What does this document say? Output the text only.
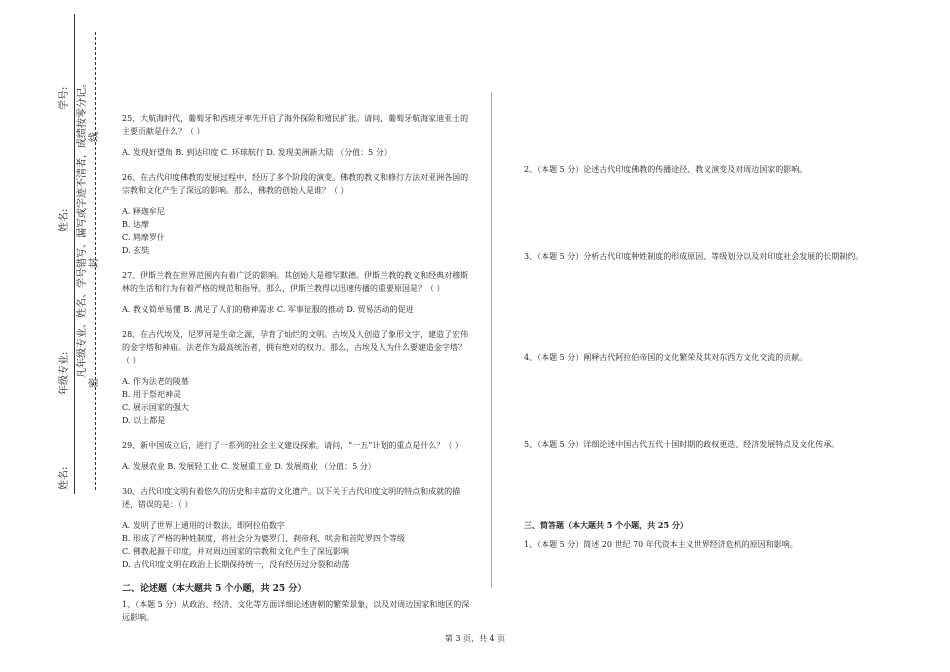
学号:
姓名: 凡年级专业、姓名、学号错写、漏写或字迹不清者，成绩按零分记。
年级专业:
姓名:
密
封
线

25、大航海时代，葡萄牙和西班牙率先开启了海外探险和殖民扩张。请问，葡萄牙航海家迪亚士的主要贡献是什么？（ ）

A. 发现好望角 B. 到达印度 C. 环球航行 D. 发现美洲新大陆 （分值：5 分）

26、在古代印度佛教的发展过程中，经历了多个阶段的演变。佛教的教义和修行方法对亚洲各国的宗教和文化产生了深远的影响。那么，佛教的创始人是谁？（ ）

A. 释迦牟尼

B. 达摩

C. 鸠摩罗什

D. 玄奘

27、伊斯兰教在世界范围内有着广泛的影响。其创始人是穆罕默德。伊斯兰教的教义和经典对穆斯林的生活和行为有着严格的规范和指导。那么，伊斯兰教得以迅速传播的重要原因是？（ ）

A. 教义简单易懂 B. 满足了人们的精神需求 C. 军事征服的推动 D. 贸易活动的促进

28、在古代埃及，尼罗河是生命之源，孕育了灿烂的文明。古埃及人创造了象形文字，建造了宏伟的金字塔和神庙。法老作为最高统治者，拥有绝对的权力。那么，古埃及人为什么要建造金字塔？（ ）

A. 作为法老的陵墓

B. 用于祭祀神灵

C. 展示国家的强大

D. 以上都是

29、新中国成立后，进行了一系列的社会主义建设探索。请问，“一五”计划的重点是什么？（ ）

A. 发展农业 B. 发展轻工业 C. 发展重工业 D. 发展商业 （分值：5 分）

30、古代印度文明有着悠久的历史和丰富的文化遗产。以下关于古代印度文明的特点和成就的描述，错误的是：（ ）

A. 发明了世界上通用的计数法，即阿拉伯数字

B. 形成了严格的种姓制度，将社会分为婆罗门、刹帝利、吠舍和首陀罗四个等级

C. 佛教起源于印度，并对周边国家的宗教和文化产生了深远影响

D. 古代印度文明在政治上长期保持统一，没有经历过分裂和动荡

二、论述题（本大题共 5 个小题，共 25 分）

1、（本题 5 分）从政治、经济、文化等方面详细论述唐朝的繁荣景象，以及对周边国家和地区的深远影响。

2、（本题 5 分）论述古代印度佛教的传播途径、教义演变及对周边国家的影响。

3、（本题 5 分）分析古代印度种姓制度的形成原因、等级划分以及对印度社会发展的长期制约。

4、（本题 5 分）阐释古代阿拉伯帝国的文化繁荣及其对东西方文化交流的贡献。

5、（本题 5 分）详细论述中国古代五代十国时期的政权更迭、经济发展特点及文化传承。

三、简答题（本大题共 5 个小题，共 25 分）

1、（本题 5 分）简述 20 世纪 70 年代资本主义世界经济危机的原因和影响。

第 3 页，共 4 页
